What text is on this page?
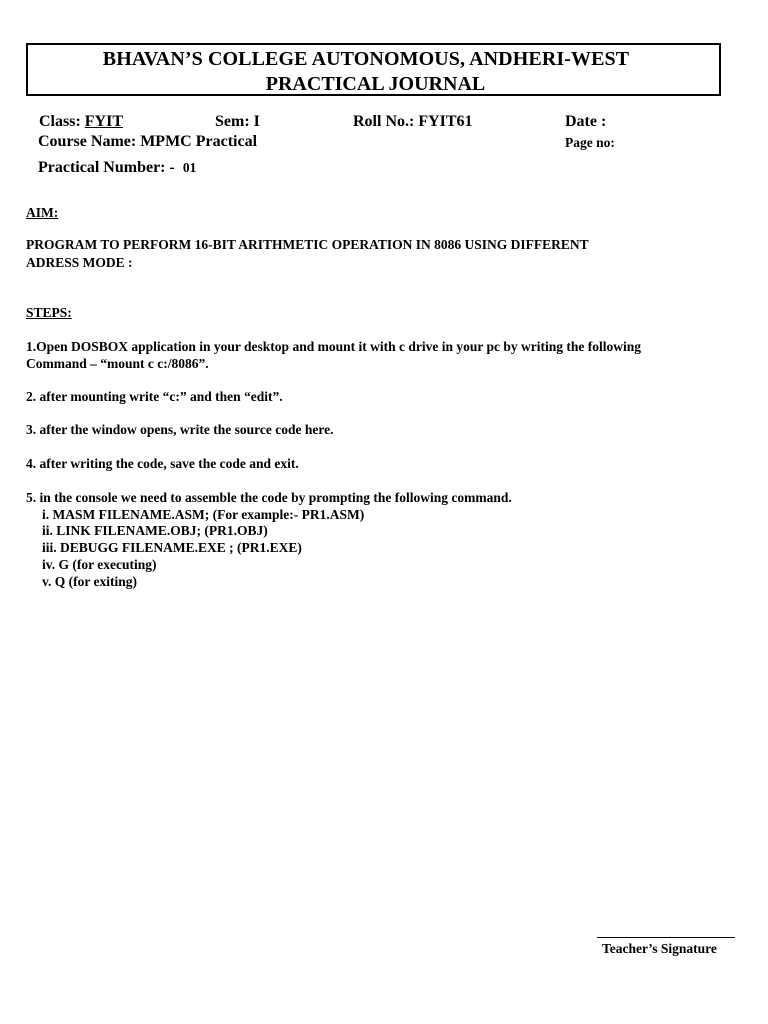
BHAVAN’S COLLEGE AUTONOMOUS, ANDHERI-WEST
PRACTICAL JOURNAL
Class: FYIT	Sem: I	Roll No.: FYIT61	Date :
Course Name: MPMC Practical	Page no:
Practical Number: - 01
AIM:
PROGRAM TO PERFORM 16-BIT ARITHMETIC OPERATION IN 8086 USING DIFFERENT
ADRESS MODE :
STEPS:
1.Open DOSBOX application in your desktop and mount it with c drive in your pc by writing the following
Command – “mount c c:/8086”.
2. after mounting write “c:” and then “edit”.
3. after the window opens, write the source code here.
4. after writing the code, save the code and exit.
5. in the console we need to assemble the code by prompting the following command.
i. MASM FILENAME.ASM; (For example:- PR1.ASM)
ii. LINK FILENAME.OBJ; (PR1.OBJ)
iii. DEBUGG FILENAME.EXE ; (PR1.EXE)
iv. G (for executing)
v. Q (for exiting)
Teacher’s Signature
